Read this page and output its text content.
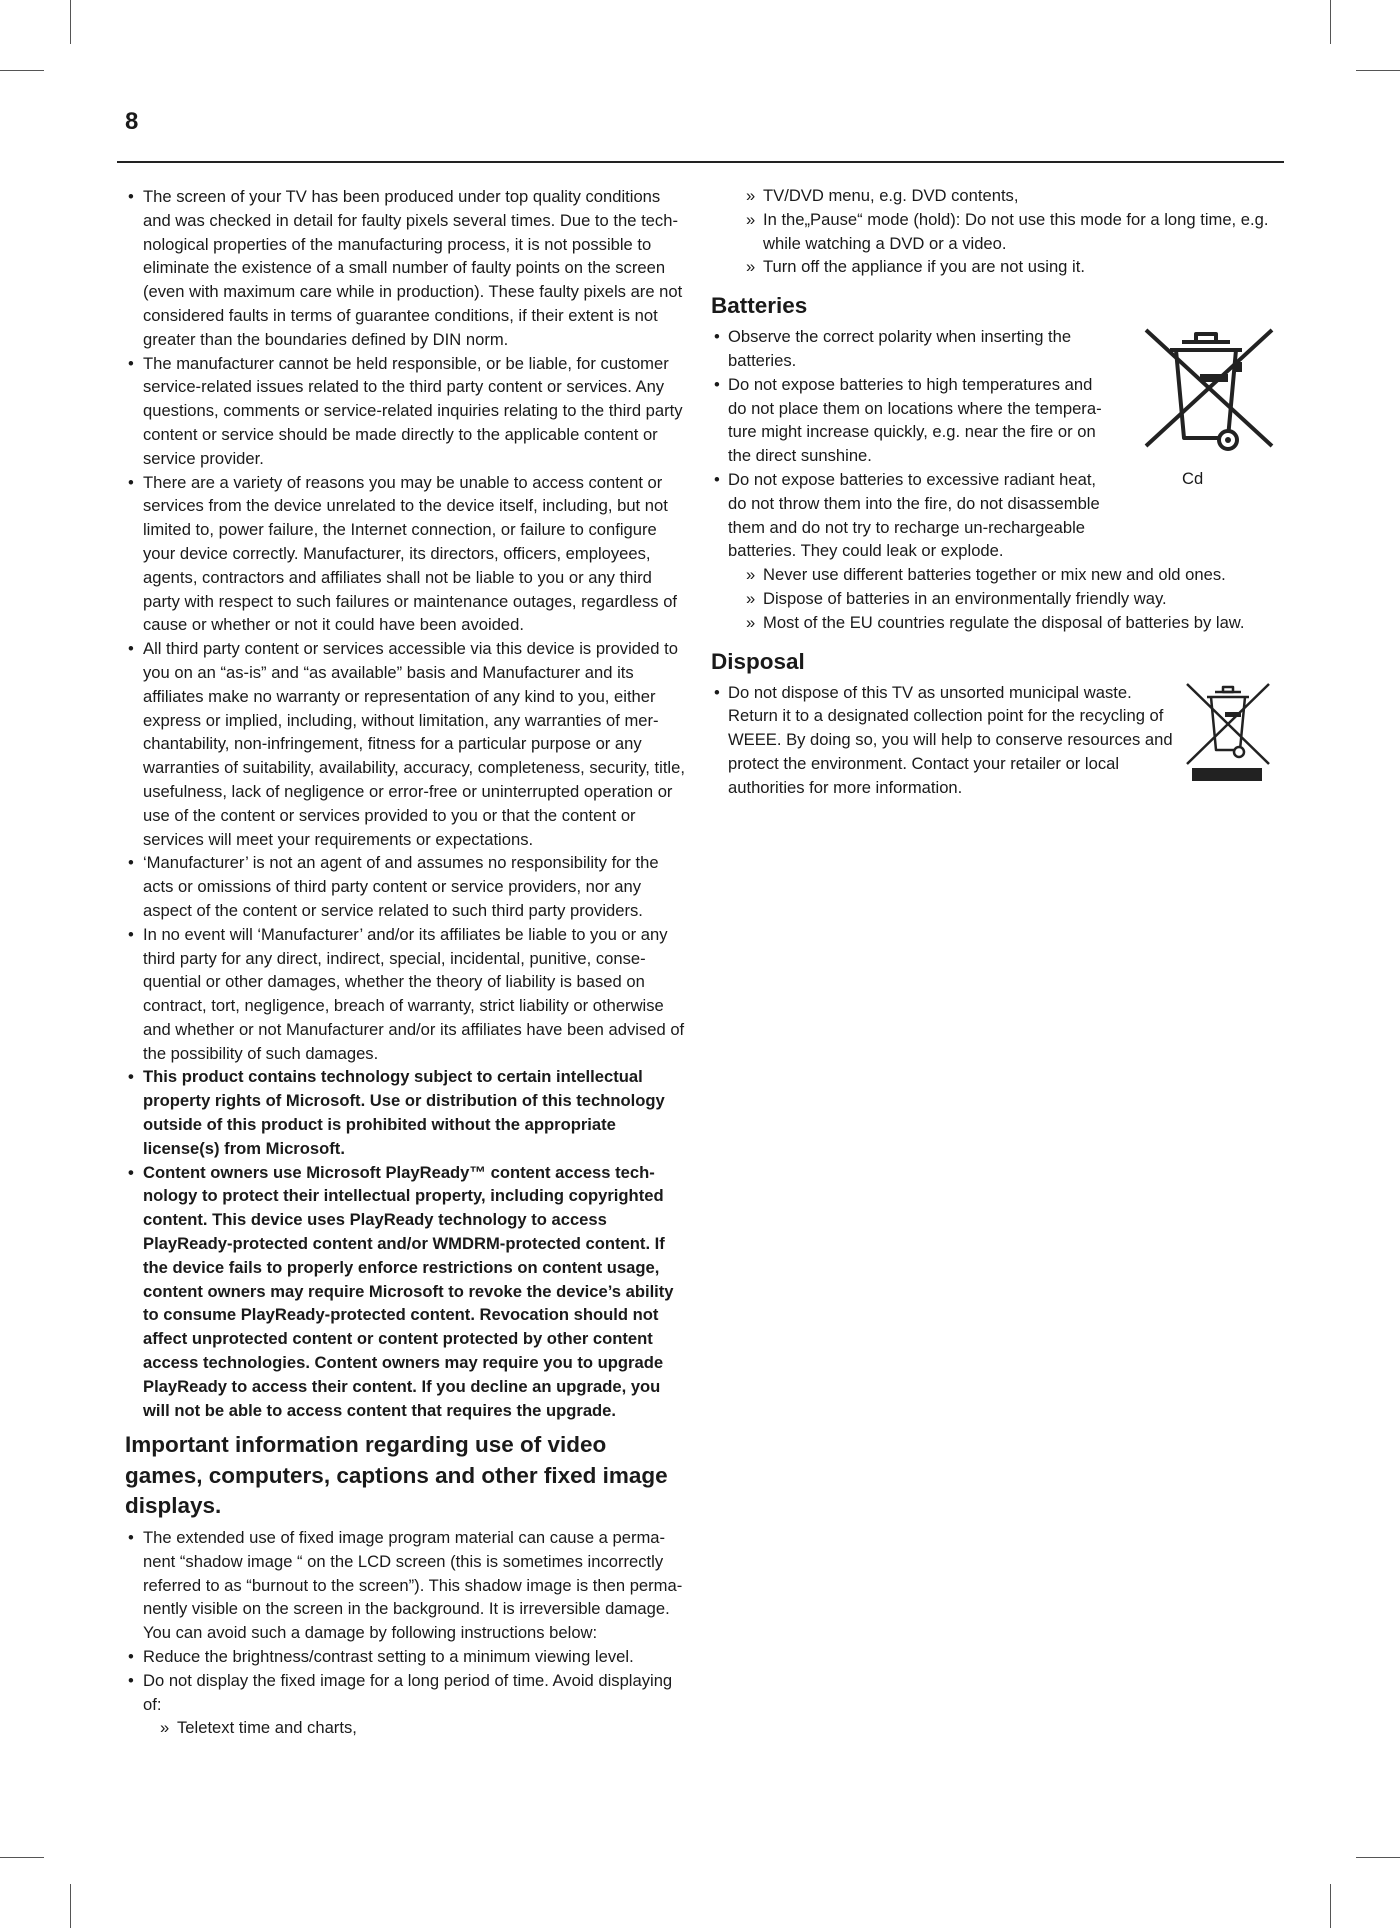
8
• The screen of your TV has been produced under top quality conditions and was checked in detail for faulty pixels several times. Due to the technological properties of the manufacturing process, it is not possible to eliminate the existence of a small number of faulty points on the screen (even with maximum care while in production). These faulty pixels are not considered faults in terms of guarantee conditions, if their extent is not greater than the boundaries defined by DIN norm.
• The manufacturer cannot be held responsible, or be liable, for customer service-related issues related to the third party content or services. Any questions, comments or service-related inquiries relating to the third party content or service should be made directly to the applicable content or service provider.
• There are a variety of reasons you may be unable to access content or services from the device unrelated to the device itself, including, but not limited to, power failure, the Internet connection, or failure to configure your device correctly. Manufacturer, its directors, officers, employees, agents, contractors and affiliates shall not be liable to you or any third party with respect to such failures or maintenance outages, regardless of cause or whether or not it could have been avoided.
• All third party content or services accessible via this device is provided to you on an “as-is” and “as available” basis and Manufacturer and its affiliates make no warranty or representation of any kind to you, either express or implied, including, without limitation, any warranties of merchantability, non-infringement, fitness for a particular purpose or any warranties of suitability, availability, accuracy, completeness, security, title, usefulness, lack of negligence or error-free or uninterrupted operation or use of the content or services provided to you or that the content or services will meet your requirements or expectations.
• ‘Manufacturer’ is not an agent of and assumes no responsibility for the acts or omissions of third party content or service providers, nor any aspect of the content or service related to such third party providers.
• In no event will ‘Manufacturer’ and/or its affiliates be liable to you or any third party for any direct, indirect, special, incidental, punitive, consequential or other damages, whether the theory of liability is based on contract, tort, negligence, breach of warranty, strict liability or otherwise and whether or not Manufacturer and/or its affiliates have been advised of the possibility of such damages.
• This product contains technology subject to certain intellectual property rights of Microsoft. Use or distribution of this technology outside of this product is prohibited without the appropriate license(s) from Microsoft.
• Content owners use Microsoft PlayReady™ content access technology to protect their intellectual property, including copyrighted content. This device uses PlayReady technology to access PlayReady-protected content and/or WMDRM-protected content. If the device fails to properly enforce restrictions on content usage, content owners may require Microsoft to revoke the device’s ability to consume PlayReady-protected content. Revocation should not affect unprotected content or content protected by other content access technologies. Content owners may require you to upgrade PlayReady to access their content. If you decline an upgrade, you will not be able to access content that requires the upgrade.
Important information regarding use of video games, computers, captions and other fixed image displays.
• The extended use of fixed image program material can cause a permanent “shadow image “ on the LCD screen (this is sometimes incorrectly referred to as “burnout to the screen”). This shadow image is then permanently visible on the screen in the background. It is irreversible damage. You can avoid such a damage by following instructions below:
• Reduce the brightness/contrast setting to a minimum viewing level.
• Do not display the fixed image for a long period of time. Avoid displaying of:
» Teletext time and charts,
» TV/DVD menu, e.g. DVD contents,
» In the„Pause“ mode (hold): Do not use this mode for a long time, e.g. while watching a DVD or a video.
» Turn off the appliance if you are not using it.
Batteries
• Observe the correct polarity when inserting the batteries.
• Do not expose batteries to high temperatures and do not place them on locations where the temperature might increase quickly, e.g. near the fire or on the direct sunshine.
• Do not expose batteries to excessive radiant heat, do not throw them into the fire, do not disassemble them and do not try to recharge un-rechargeable batteries. They could leak or explode.
» Never use different batteries together or mix new and old ones.
» Dispose of batteries in an environmentally friendly way.
» Most of the EU countries regulate the disposal of batteries by law.
Disposal
• Do not dispose of this TV as unsorted municipal waste. Return it to a designated collection point for the recycling of WEEE. By doing so, you will help to conserve resources and protect the environment. Contact your retailer or local authorities for more information.
Cd
